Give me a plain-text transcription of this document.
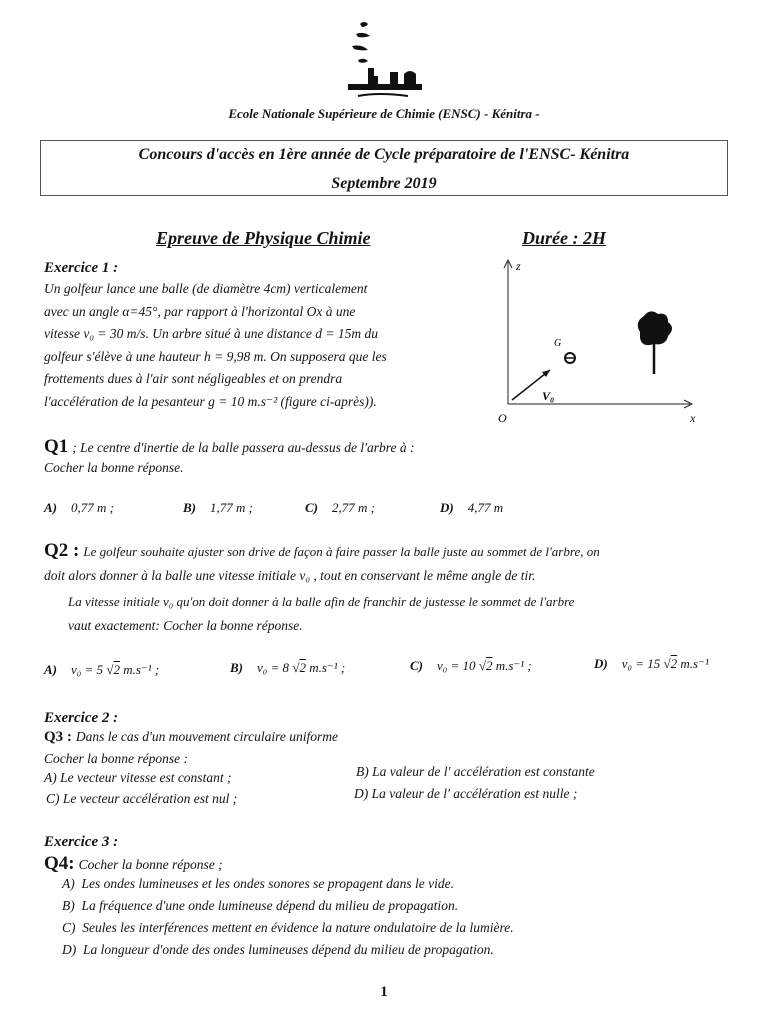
Ecole Nationale Supérieure de Chimie (ENSC) - Kénitra -
Concours d'accès en 1ère année de Cycle préparatoire de l'ENSC- Kénitra
Septembre 2019
Epreuve de Physique Chimie	Durée : 2H
Exercice 1 :
Un golfeur lance une balle (de diamètre 4cm) verticalement
avec un angle α=45°, par rapport à l'horizontal Ox à une
vitesse v₀ = 30 m/s. Un arbre situé à une distance d = 15m du
golfeur s'élève à une hauteur h = 9,98 m. On supposera que les
frottements dues à l'air sont négligeables et on prendra
l'accélération de la pesanteur g = 10 m.s⁻² (figure ci-après)).
z
x
O
V₀
G
Q1 ; Le centre d'inertie de la balle passera au-dessus de l'arbre à :
Cocher la bonne réponse.
A) 0,77 m ;	B) 1,77 m ;	C) 2,77 m ;	D) 4,77 m
Q2 : Le golfeur souhaite ajuster son drive de façon à faire passer la balle juste au sommet de l'arbre, on
doit alors donner à la balle une vitesse initiale v₀ , tout en conservant le même angle de tir.
La vitesse initiale v₀ qu'on doit donner à la balle afin de franchir de justesse le sommet de l'arbre
vaut exactement: Cocher la bonne réponse.
A) v₀ = 5 √2 m.s⁻¹ ;	B) v₀ = 8 √2 m.s⁻¹ ;	C) v₀ = 10 √2 m.s⁻¹ ;	D) v₀ = 15 √2 m.s⁻¹
Exercice 2 :
Q3 : Dans le cas d'un mouvement circulaire uniforme
Cocher la bonne réponse :
A) Le vecteur vitesse est constant ;	B) La valeur de l' accélération est constante
C) Le vecteur accélération est nul ;	D) La valeur de l' accélération est nulle ;
Exercice 3 :
Q4: Cocher la bonne réponse ;
A) Les ondes lumineuses et les ondes sonores se propagent dans le vide.
B) La fréquence d'une onde lumineuse dépend du milieu de propagation.
C) Seules les interférences mettent en évidence la nature ondulatoire de la lumière.
D) La longueur d'onde des ondes lumineuses dépend du milieu de propagation.
1
